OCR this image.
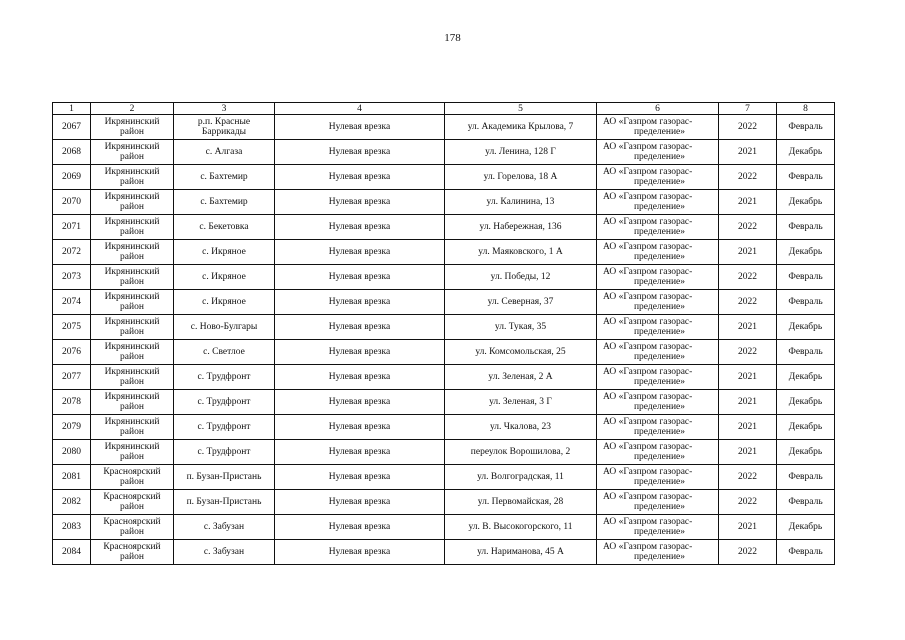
178
1	2	3	4	5	6	7	8
2067	Икрянинский район	р.п. Красные Баррикады	Нулевая врезка	ул. Академика Крылова, 7	АО «Газпром газорас-
пределение»	2022	Февраль
2068	Икрянинский район	с. Алгаза	Нулевая врезка	ул. Ленина, 128 Г	АО «Газпром газорас-
пределение»	2021	Декабрь
2069	Икрянинский район	с. Бахтемир	Нулевая врезка	ул. Горелова, 18 А	АО «Газпром газорас-
пределение»	2022	Февраль
2070	Икрянинский район	с. Бахтемир	Нулевая врезка	ул. Калинина, 13	АО «Газпром газорас-
пределение»	2021	Декабрь
2071	Икрянинский район	с. Бекетовка	Нулевая врезка	ул. Набережная, 136	АО «Газпром газорас-
пределение»	2022	Февраль
2072	Икрянинский район	с. Икряное	Нулевая врезка	ул. Маяковского, 1 А	АО «Газпром газорас-
пределение»	2021	Декабрь
2073	Икрянинский район	с. Икряное	Нулевая врезка	ул. Победы, 12	АО «Газпром газорас-
пределение»	2022	Февраль
2074	Икрянинский район	с. Икряное	Нулевая врезка	ул. Северная, 37	АО «Газпром газорас-
пределение»	2022	Февраль
2075	Икрянинский район	с. Ново-Булгары	Нулевая врезка	ул. Тукая, 35	АО «Газпром газорас-
пределение»	2021	Декабрь
2076	Икрянинский район	с. Светлое	Нулевая врезка	ул. Комсомольская, 25	АО «Газпром газорас-
пределение»	2022	Февраль
2077	Икрянинский район	с. Трудфронт	Нулевая врезка	ул. Зеленая, 2 А	АО «Газпром газорас-
пределение»	2021	Декабрь
2078	Икрянинский район	с. Трудфронт	Нулевая врезка	ул. Зеленая, 3 Г	АО «Газпром газорас-
пределение»	2021	Декабрь
2079	Икрянинский район	с. Трудфронт	Нулевая врезка	ул. Чкалова, 23	АО «Газпром газорас-
пределение»	2021	Декабрь
2080	Икрянинский район	с. Трудфронт	Нулевая врезка	переулок Ворошилова, 2	АО «Газпром газорас-
пределение»	2021	Декабрь
2081	Красноярский район	п. Бузан-Пристань	Нулевая врезка	ул. Волгоградская, 11	АО «Газпром газорас-
пределение»	2022	Февраль
2082	Красноярский район	п. Бузан-Пристань	Нулевая врезка	ул. Первомайская, 28	АО «Газпром газорас-
пределение»	2022	Февраль
2083	Красноярский район	с. Забузан	Нулевая врезка	ул. В. Высокогорского, 11	АО «Газпром газорас-
пределение»	2021	Декабрь
2084	Красноярский район	с. Забузан	Нулевая врезка	ул. Нариманова, 45 А	АО «Газпром газорас-
пределение»	2022	Февраль
